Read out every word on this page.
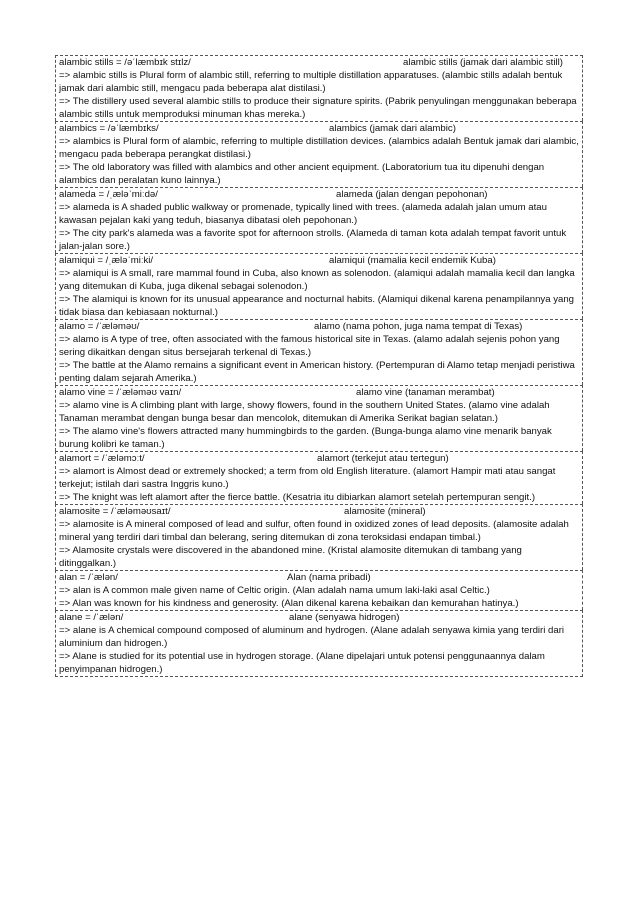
alambic stills = /əˈlæmbɪk stɪlz/	alambic stills (jamak dari alambic still)
=> alambic stills is Plural form of alambic still, referring to multiple distillation apparatuses. (alambic stills adalah bentuk jamak dari alambic still, mengacu pada beberapa alat distilasi.)
=> The distillery used several alambic stills to produce their signature spirits. (Pabrik penyulingan menggunakan beberapa alambic stills untuk memproduksi minuman khas mereka.)
alambics = /əˈlæmbɪks/	alambics (jamak dari alambic)
=> alambics is Plural form of alambic, referring to multiple distillation devices. (alambics adalah Bentuk jamak dari alambic, mengacu pada beberapa perangkat distilasi.)
=> The old laboratory was filled with alambics and other ancient equipment. (Laboratorium tua itu dipenuhi dengan alambics dan peralatan kuno lainnya.)
alameda = /ˌæləˈmiːdə/	alameda (jalan dengan pepohonan)
=> alameda is A shaded public walkway or promenade, typically lined with trees. (alameda adalah jalan umum atau kawasan pejalan kaki yang teduh, biasanya dibatasi oleh pepohonan.)
=> The city park's alameda was a favorite spot for afternoon strolls. (Alameda di taman kota adalah tempat favorit untuk jalan-jalan sore.)
alamiqui = /ˌæləˈmiːki/	alamiqui (mamalia kecil endemik Kuba)
=> alamiqui is A small, rare mammal found in Cuba, also known as solenodon. (alamiqui adalah mamalia kecil dan langka yang ditemukan di Kuba, juga dikenal sebagai solenodon.)
=> The alamiqui is known for its unusual appearance and nocturnal habits. (Alamiqui dikenal karena penampilannya yang tidak biasa dan kebiasaan nokturnal.)
alamo = /ˈæləməʊ/	alamo (nama pohon, juga nama tempat di Texas)
=> alamo is A type of tree, often associated with the famous historical site in Texas. (alamo adalah sejenis pohon yang sering dikaitkan dengan situs bersejarah terkenal di Texas.)
=> The battle at the Alamo remains a significant event in American history. (Pertempuran di Alamo tetap menjadi peristiwa penting dalam sejarah Amerika.)
alamo vine = /ˈæləməʊ vaɪn/	alamo vine (tanaman merambat)
=> alamo vine is A climbing plant with large, showy flowers, found in the southern United States. (alamo vine adalah Tanaman merambat dengan bunga besar dan mencolok, ditemukan di Amerika Serikat bagian selatan.)
=> The alamo vine's flowers attracted many hummingbirds to the garden. (Bunga-bunga alamo vine menarik banyak burung kolibri ke taman.)
alamort = /ˈæləmɔːt/	alamort (terkejut atau tertegun)
=> alamort is Almost dead or extremely shocked; a term from old English literature. (alamort Hampir mati atau sangat terkejut; istilah dari sastra Inggris kuno.)
=> The knight was left alamort after the fierce battle. (Kesatria itu dibiarkan alamort setelah pertempuran sengit.)
alamosite = /ˈæləməʊsaɪt/	alamosite (mineral)
=> alamosite is A mineral composed of lead and sulfur, often found in oxidized zones of lead deposits. (alamosite adalah mineral yang terdiri dari timbal dan belerang, sering ditemukan di zona teroksidasi endapan timbal.)
=> Alamosite crystals were discovered in the abandoned mine. (Kristal alamosite ditemukan di tambang yang ditinggalkan.)
alan = /ˈælən/	Alan (nama pribadi)
=> alan is A common male given name of Celtic origin. (Alan adalah nama umum laki-laki asal Celtic.)
=> Alan was known for his kindness and generosity. (Alan dikenal karena kebaikan dan kemurahan hatinya.)
alane = /ˈælən/	alane (senyawa hidrogen)
=> alane is A chemical compound composed of aluminum and hydrogen. (Alane adalah senyawa kimia yang terdiri dari aluminium dan hidrogen.)
=> Alane is studied for its potential use in hydrogen storage. (Alane dipelajari untuk potensi penggunaannya dalam penyimpanan hidrogen.)
